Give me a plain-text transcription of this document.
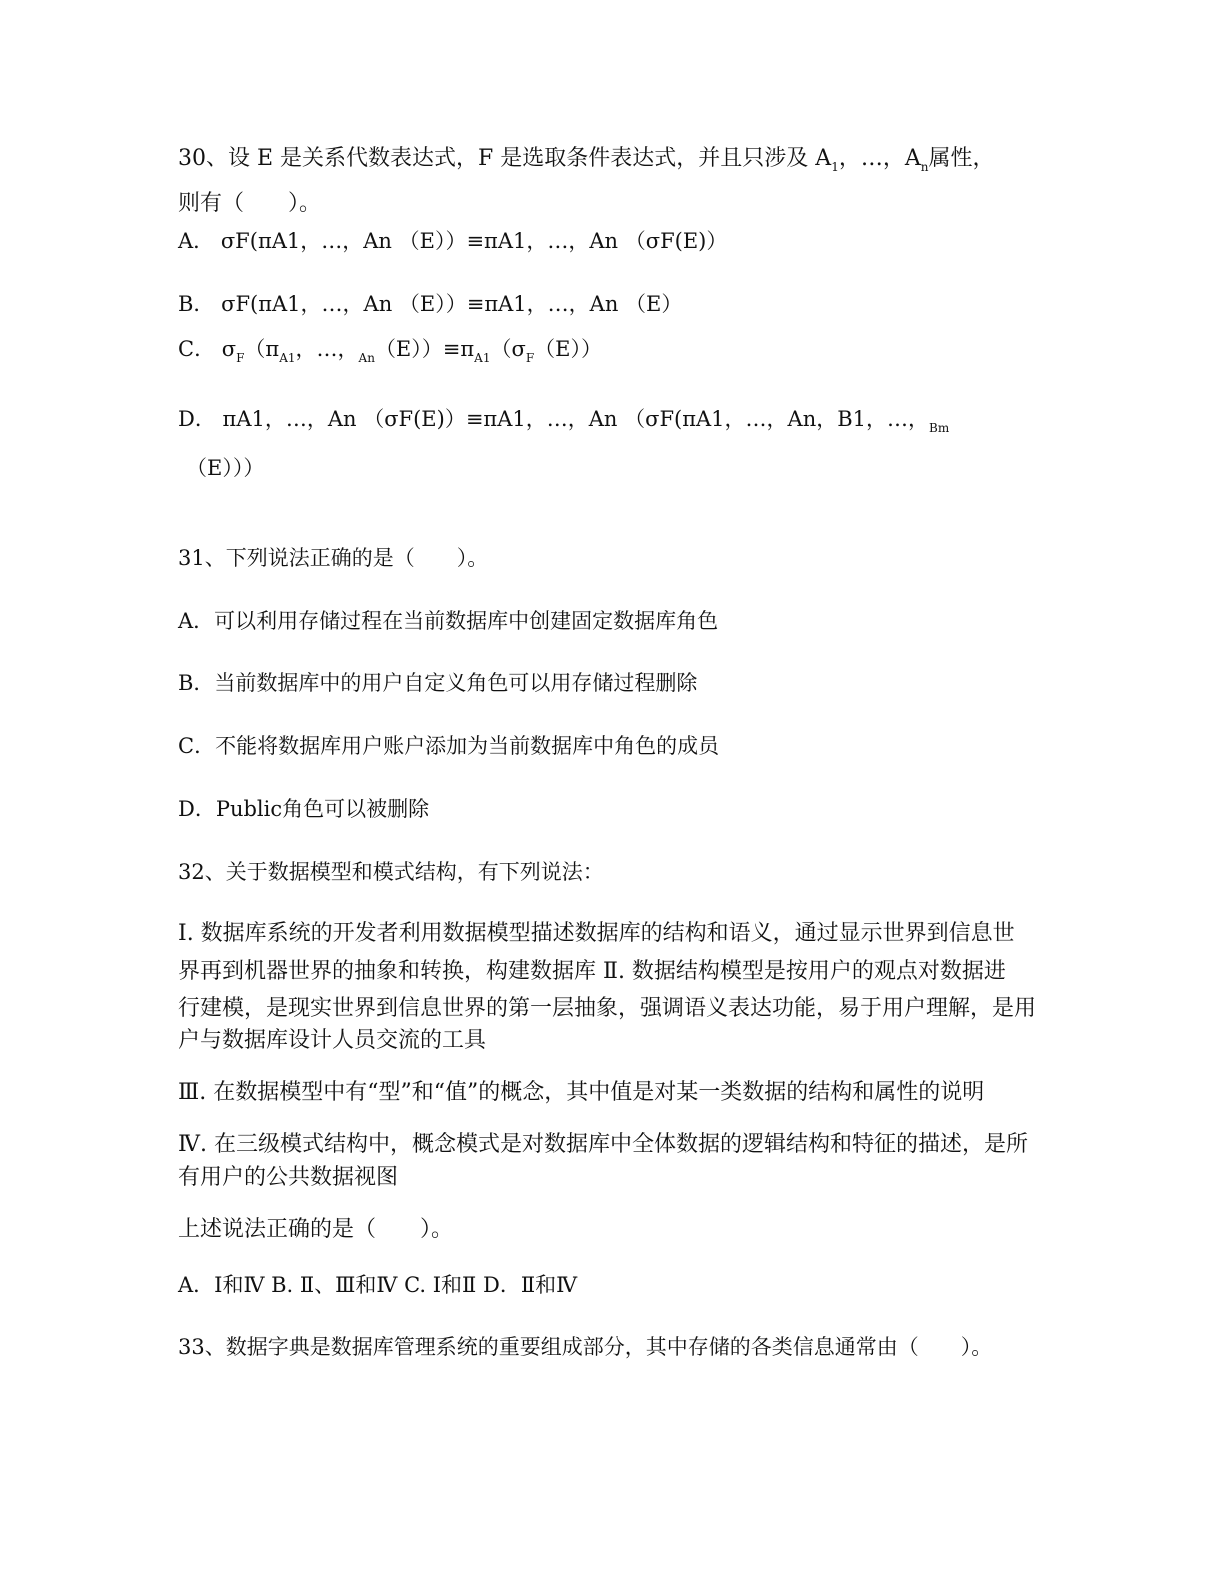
30、设 E 是关系代数表达式，F 是选取条件表达式，并且只涉及 $A_1$，…，$A_n$属性，
则有（　　）。
A． σF(πA1，…，An （E））≡πA1，…，An （σF(E)）
B． σF(πA1，…，An （E））≡πA1，…，An （E）
C． $\sigma_F(\pi_{A1}$，…，$_{An}(E))\equiv\pi_{A1}(\sigma_F(E))$
D． πA1，…，An （σF(E)）≡πA1，…，An （σF(πA1，…，An，B1，…，$_{Bm}$
（E）））
31、下列说法正确的是（　　）。
A．可以利用存储过程在当前数据库中创建固定数据库角色
B．当前数据库中的用户自定义角色可以用存储过程删除
C．不能将数据库用户账户添加为当前数据库中角色的成员
D．Public角色可以被删除
32、关于数据模型和模式结构，有下列说法：
Ⅰ. 数据库系统的开发者利用数据模型描述数据库的结构和语义，通过显示世界到信息世
界再到机器世界的抽象和转换，构建数据库 Ⅱ. 数据结构模型是按用户的观点对数据进
行建模，是现实世界到信息世界的第一层抽象，强调语义表达功能，易于用户理解，是用
户与数据库设计人员交流的工具
Ⅲ. 在数据模型中有“型”和“值”的概念，其中值是对某一类数据的结构和属性的说明
Ⅳ. 在三级模式结构中，概念模式是对数据库中全体数据的逻辑结构和特征的描述，是所
有用户的公共数据视图
上述说法正确的是（　　）。
A．Ⅰ和Ⅳ B. Ⅱ、Ⅲ和Ⅳ C. Ⅰ和Ⅱ D．Ⅱ和Ⅳ
33、数据字典是数据库管理系统的重要组成部分，其中存储的各类信息通常由（　　）。
